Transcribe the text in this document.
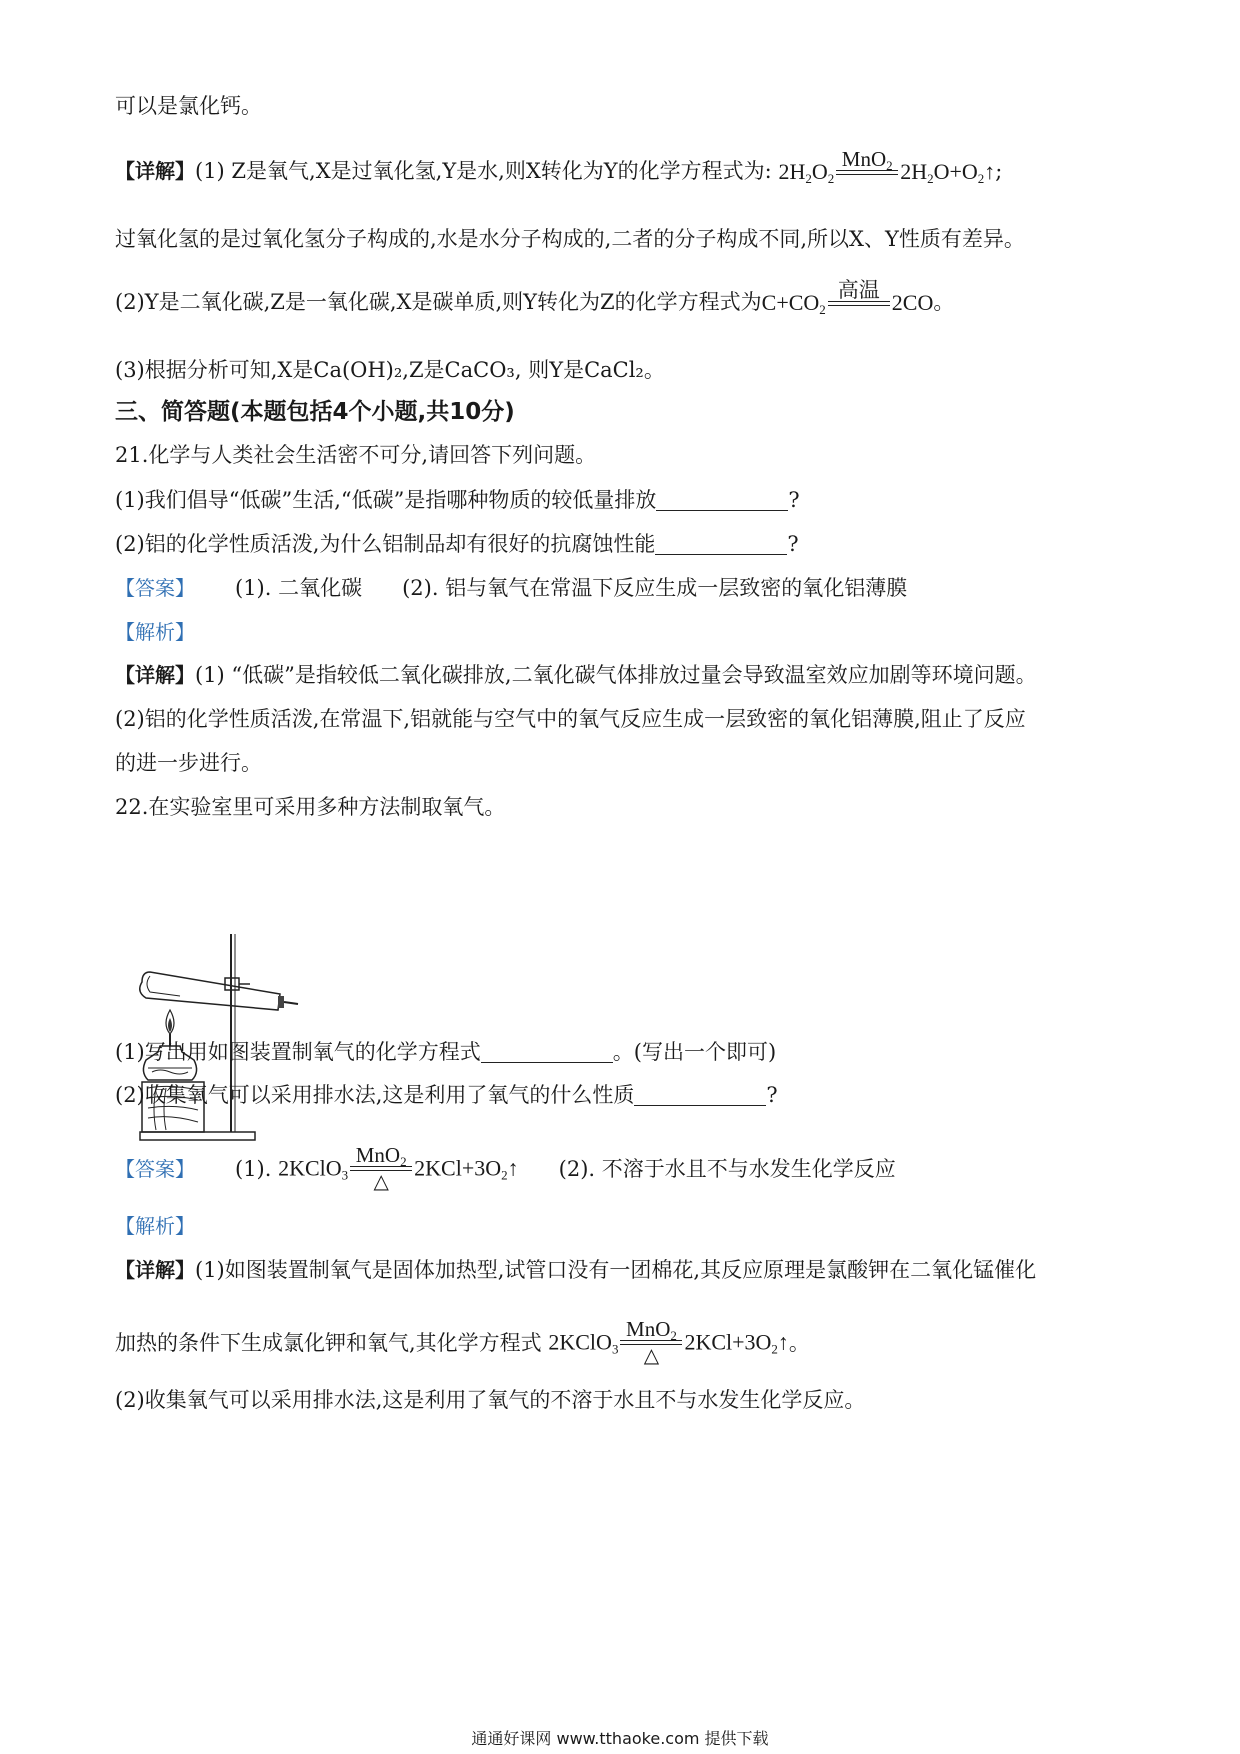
可以是氯化钙。
【详解】(1) Z是氧气,X是过氧化氢,Y是水,则X转化为Y的化学方程式为: $2H_2O_2$
MnO$_2$ $2H_2O+O_2↑$;
过氧化氢的是过氧化氢分子构成的,水是水分子构成的,二者的分子构成不同,所以X、Y性质有差异。
(2)Y是二氧化碳,Z是一氧化碳,X是碳单质,则Y转化为Z的化学方程式为$C+CO_2$
高温 2CO。
(3)根据分析可知,X是Ca(OH)₂,Z是CaCO₃, 则Y是CaCl₂。
三、简答题(本题包括4个小题,共10分)
21.化学与人类社会生活密不可分,请回答下列问题。
(1)我们倡导“低碳”生活,“低碳”是指哪种物质的较低量排放	?
(2)铝的化学性质活泼,为什么铝制品却有很好的抗腐蚀性能	?
【答案】 (1). 二氧化碳 (2). 铝与氧气在常温下反应生成一层致密的氧化铝薄膜
【解析】
【详解】(1) “低碳”是指较低二氧化碳排放,二氧化碳气体排放过量会导致温室效应加剧等环境问题。
(2)铝的化学性质活泼,在常温下,铝就能与空气中的氧气反应生成一层致密的氧化铝薄膜,阻止了反应
的进一步进行。
22.在实验室里可采用多种方法制取氧气。
(1)写出用如图装置制氧气的化学方程式	。(写出一个即可)
(2)收集氧气可以采用排水法,这是利用了氧气的什么性质	?
【答案】 (1). 2KClO$_3$
MnO$_2$
△
$2KCl+3O_2↑$ (2). 不溶于水且不与水发生化学反应
【解析】
【详解】(1)如图装置制氧气是固体加热型,试管口没有一团棉花,其反应原理是氯酸钾在二氧化锰催化
加热的条件下生成氯化钾和氧气,其化学方程式 2KClO$_3$
MnO$_2$
△
$2KCl+3O_2↑$。
(2)收集氧气可以采用排水法,这是利用了氧气的不溶于水且不与水发生化学反应。
通通好课网 www.tthaoke.com 提供下载
